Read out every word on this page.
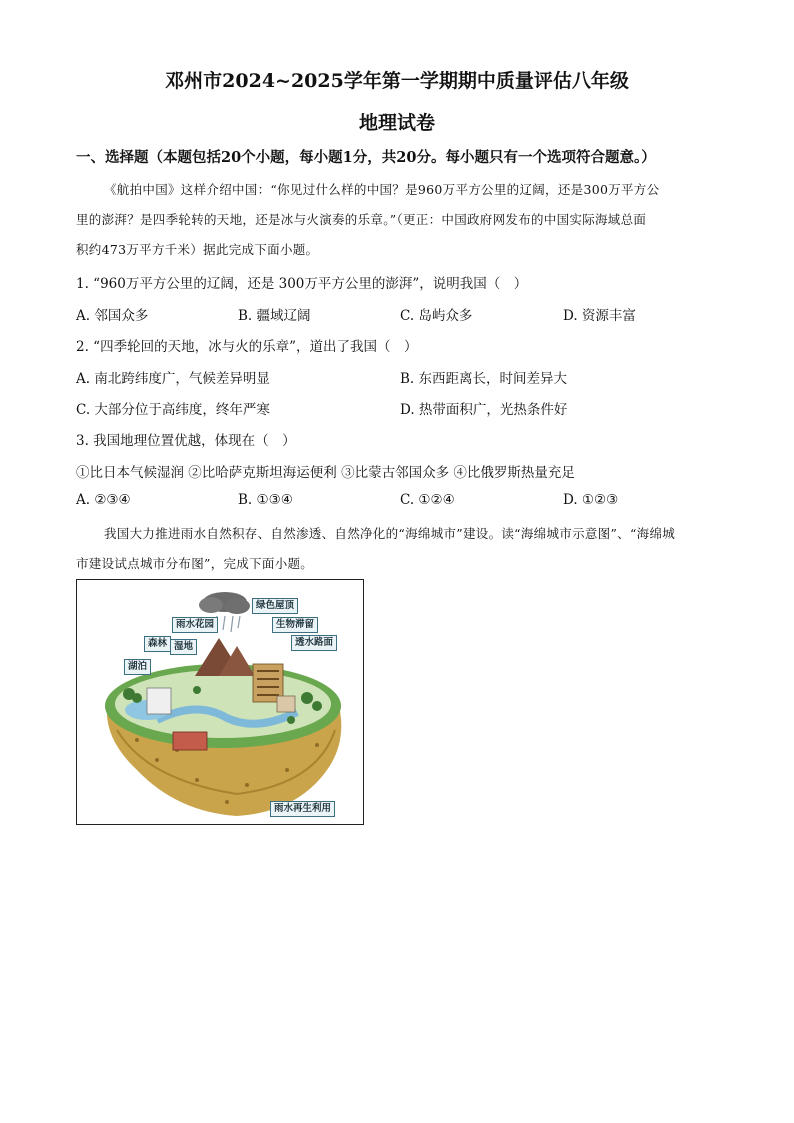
邓州市2024~2025学年第一学期期中质量评估八年级
地理试卷
一、选择题（本题包括20个小题，每小题1分，共20分。每小题只有一个选项符合题意。）
《航拍中国》这样介绍中国：“你见过什么样的中国？是960万平方公里的辽阔，还是300万平方公
里的澎湃？是四季轮转的天地，还是冰与火演奏的乐章。”（更正：中国政府网发布的中国实际海域总面
积约473万平方千米）据此完成下面小题。
1. “960万平方公里的辽阔，还是 300万平方公里的澎湃”，说明我国（　）
A. 邻国众多	B. 疆域辽阔	C. 岛屿众多	D. 资源丰富
2. “四季轮回的天地，冰与火的乐章”，道出了我国（　）
A. 南北跨纬度广，气候差异明显	B. 东西距离长，时间差异大
C. 大部分位于高纬度，终年严寒	D. 热带面积广，光热条件好
3. 我国地理位置优越，体现在（　）
①比日本气候湿润 ②比哈萨克斯坦海运便利 ③比蒙古邻国众多 ④比俄罗斯热量充足
A. ②③④	B. ①③④	C. ①②④	D. ①②③
我国大力推进雨水自然积存、自然渗透、自然净化的“海绵城市”建设。读“海绵城市示意图”、“海绵城
市建设试点城市分布图”，完成下面小题。
绿色屋顶
雨水花园	生物滞留
透水路面
森林 湿地
湖泊
雨水再生利用
